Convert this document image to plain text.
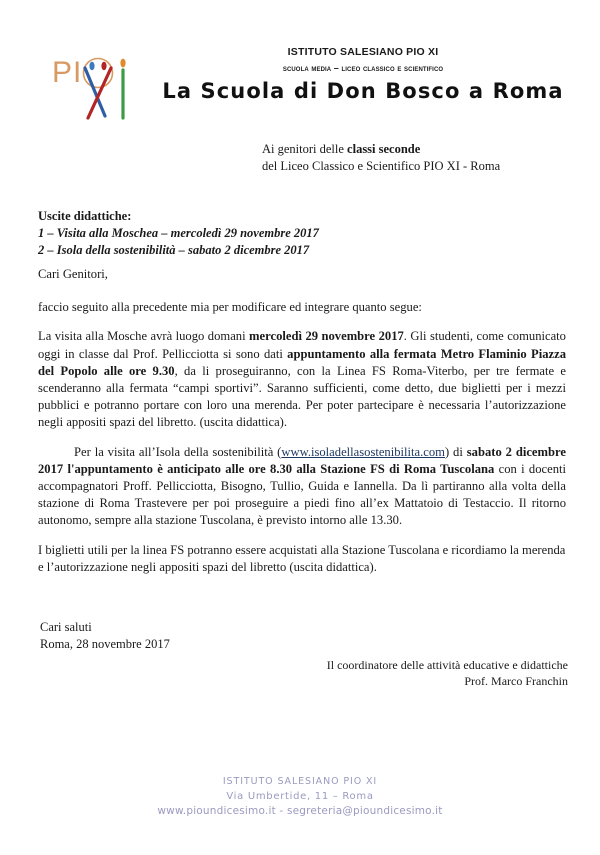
PI
ISTITUTO SALESIANO PIO XI
scuola media – liceo classico e scientifico
La Scuola di Don Bosco a Roma
Ai genitori delle classi seconde
del Liceo Classico e Scientifico PIO XI - Roma
Uscite didattiche:
1 – Visita alla Moschea – mercoledì 29 novembre 2017
2 – Isola della sostenibilità – sabato 2 dicembre 2017
Cari Genitori,

faccio seguito alla precedente mia per modificare ed integrare quanto segue:

La visita alla Mosche avrà luogo domani mercoledì 29 novembre 2017. Gli studenti, come comunicato oggi in classe dal Prof. Pellicciotta si sono dati appuntamento alla fermata Metro Flaminio Piazza del Popolo alle ore 9.30, da li proseguiranno, con la Linea FS Roma-Viterbo, per tre fermate e scenderanno alla fermata “campi sportivi”. Saranno sufficienti, come detto, due biglietti per i mezzi pubblici e potranno portare con loro una merenda. Per poter partecipare è necessaria l’autorizzazione negli appositi spazi del libretto. (uscita didattica).

Per la visita all’Isola della sostenibilità (www.isoladellasostenibilita.com) di sabato 2 dicembre 2017 l'appuntamento è anticipato alle ore 8.30 alla Stazione FS di Roma Tuscolana con i docenti accompagnatori Proff. Pellicciotta, Bisogno, Tullio, Guida e Iannella. Da lì partiranno alla volta della stazione di Roma Trastevere per poi proseguire a piedi fino all’ex Mattatoio di Testaccio. Il ritorno autonomo, sempre alla stazione Tuscolana, è previsto intorno alle 13.30.

I biglietti utili per la linea FS potranno essere acquistati alla Stazione Tuscolana e ricordiamo la merenda e l’autorizzazione negli appositi spazi del libretto (uscita didattica).

Cari saluti
Roma, 28 novembre 2017
Il coordinatore delle attività educative e didattiche
Prof. Marco Franchin
ISTITUTO SALESIANO PIO XI
Via Umbertide, 11 – Roma
www.pioundicesimo.it - segreteria@pioundicesimo.it
